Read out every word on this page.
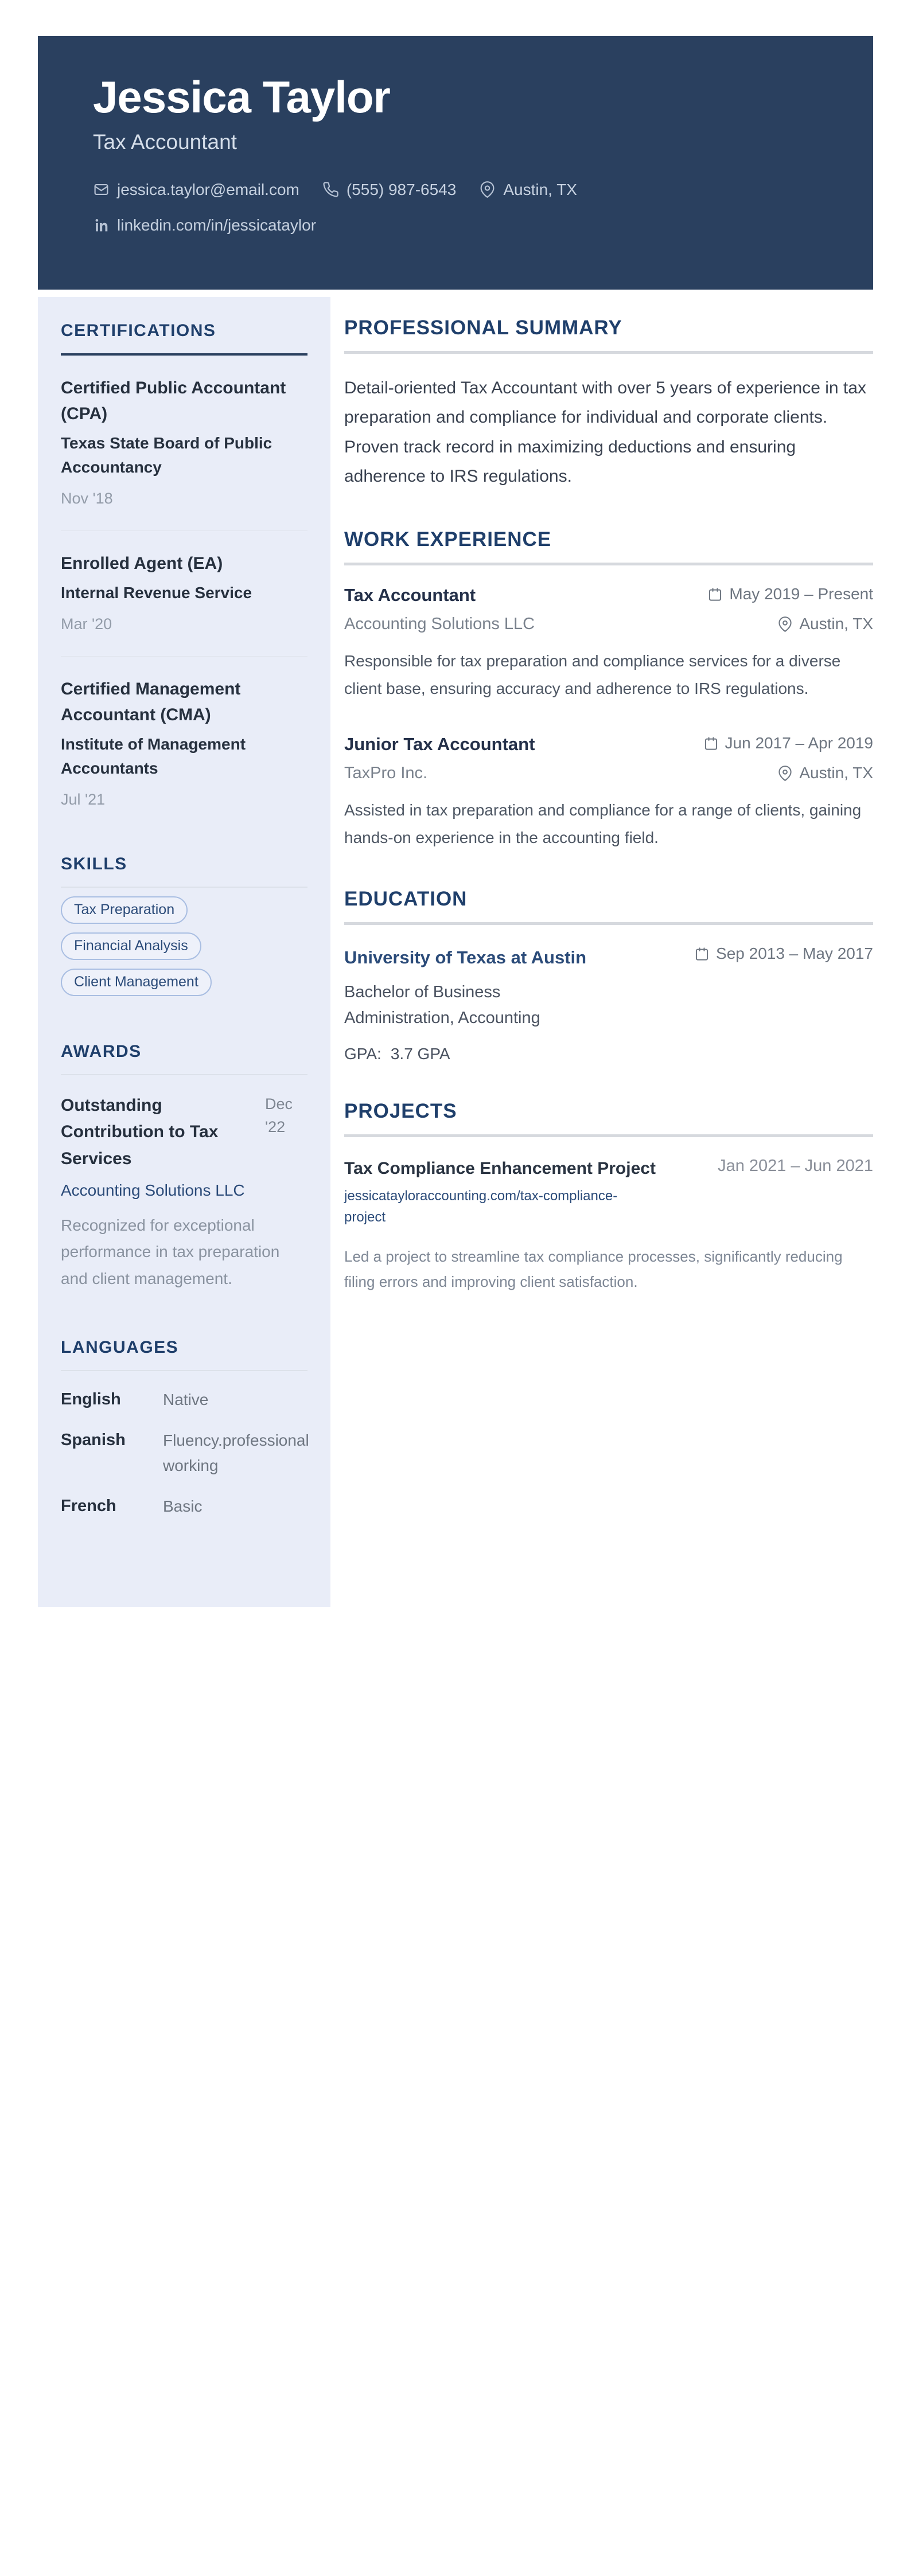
Jessica Taylor
Tax Accountant
jessica.taylor@email.com	(555) 987-6543	Austin, TX
linkedin.com/in/jessicataylor
CERTIFICATIONS
Certified Public Accountant (CPA)
Texas State Board of Public Accountancy
Nov '18
Enrolled Agent (EA)
Internal Revenue Service
Mar '20
Certified Management Accountant (CMA)
Institute of Management Accountants
Jul '21
SKILLS
Tax Preparation
Financial Analysis
Client Management
AWARDS
Outstanding Contribution to Tax Services
Dec '22
Accounting Solutions LLC
Recognized for exceptional performance in tax preparation and client management.
LANGUAGES
English	Native
Spanish	Fluency.professional working
French	Basic
PROFESSIONAL SUMMARY
Detail-oriented Tax Accountant with over 5 years of experience in tax preparation and compliance for individual and corporate clients. Proven track record in maximizing deductions and ensuring adherence to IRS regulations.
WORK EXPERIENCE
Tax Accountant	May 2019 – Present
Accounting Solutions LLC	Austin, TX
Responsible for tax preparation and compliance services for a diverse client base, ensuring accuracy and adherence to IRS regulations.
Junior Tax Accountant	Jun 2017 – Apr 2019
TaxPro Inc.	Austin, TX
Assisted in tax preparation and compliance for a range of clients, gaining hands-on experience in the accounting field.
EDUCATION
University of Texas at Austin	Sep 2013 – May 2017
Bachelor of Business Administration, Accounting
GPA: 3.7 GPA
PROJECTS
Tax Compliance Enhancement Project	Jan 2021 – Jun 2021
jessicatayloraccounting.com/tax-compliance-project
Led a project to streamline tax compliance processes, significantly reducing filing errors and improving client satisfaction.
